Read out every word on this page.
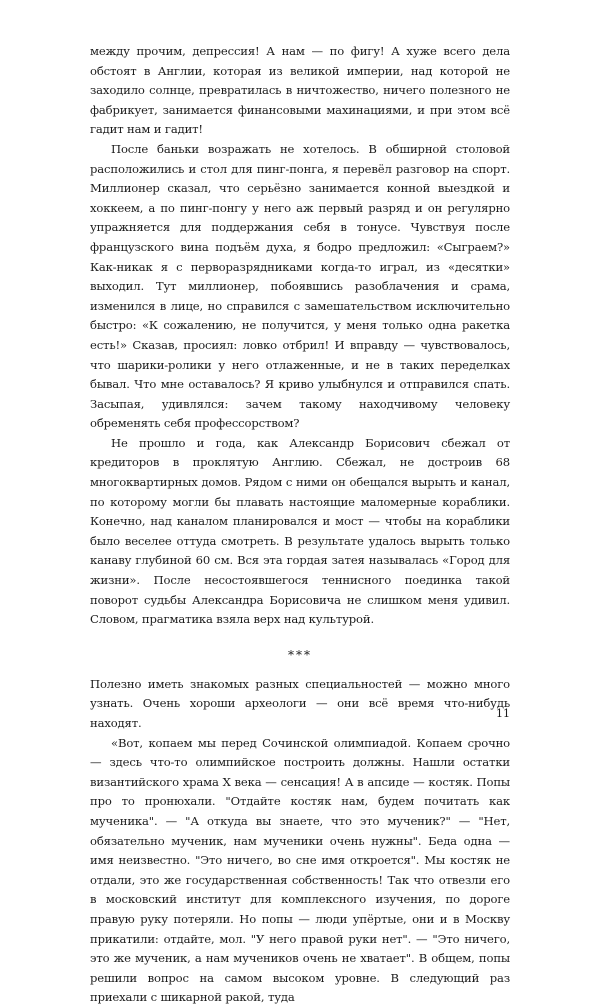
между прочим, депрессия! А нам — по фигу! А хуже всего дела обстоят в Англии, которая из великой империи, над которой не заходило солнце, превратилась в ничтожество, ничего полезного не фабрикует, занимается финансовыми махинациями, и при этом всё гадит нам и гадит!

После баньки возражать не хотелось. В обширной столовой расположились и стол для пинг-понга, я перевёл разговор на спорт. Миллионер сказал, что серьёзно занимается конной выездкой и хоккеем, а по пинг-понгу у него аж первый разряд и он регулярно упражняется для поддержания себя в тонусе. Чувствуя после французского вина подъём духа, я бодро предложил: «Сыграем?» Как-никак я с перворазрядниками когда-то играл, из «десятки» выходил. Тут миллионер, побоявшись разоблачения и срама, изменился в лице, но справился с замешательством исключительно быстро: «К сожалению, не получится, у меня только одна ракетка есть!» Сказав, просиял: ловко отбрил! И вправду — чувствовалось, что шарики-ролики у него отлаженные, и не в таких переделках бывал. Что мне оставалось? Я криво улыбнулся и отправился спать. Засыпая, удивлялся: зачем такому находчивому человеку обременять себя профессорством?

Не прошло и года, как Александр Борисович сбежал от кредиторов в проклятую Англию. Сбежал, не достроив 68 многоквартирных домов. Рядом с ними он обещался вырыть и канал, по которому могли бы плавать настоящие маломерные кораблики. Конечно, над каналом планировался и мост — чтобы на кораблики было веселее оттуда смотреть. В результате удалось вырыть только канаву глубиной 60 см. Вся эта гордая затея называлась «Город для жизни». После несостоявшегося теннисного поединка такой поворот судьбы Александра Борисовича не слишком меня удивил. Словом, прагматика взяла верх над культурой.

***

Полезно иметь знакомых разных специальностей — можно много узнать. Очень хороши археологи — они всё время что-нибудь находят.

«Вот, копаем мы перед Сочинской олимпиадой. Копаем срочно — здесь что-то олимпийское построить должны. Нашли остатки византийского храма X века — сенсация! А в апсиде — костяк. Попы про то пронюхали. "Отдайте костяк нам, будем почитать как мученика". — "А откуда вы знаете, что это мученик?" — "Нет, обязательно мученик, нам мученики очень нужны". Беда одна — имя неизвестно. "Это ничего, во сне имя откроется". Мы костяк не отдали, это же государственная собственность! Так что отвезли его в московский институт для комплексного изучения, по дороге правую руку потеряли. Но попы — люди упёртые, они и в Москву прикатили: отдайте, мол. "У него правой руки нет". — "Это ничего, это же мученик, а нам мучеников очень не хватает". В общем, попы решили вопрос на самом высоком уровне. В следующий раз приехали с шикарной ракой, туда

11
